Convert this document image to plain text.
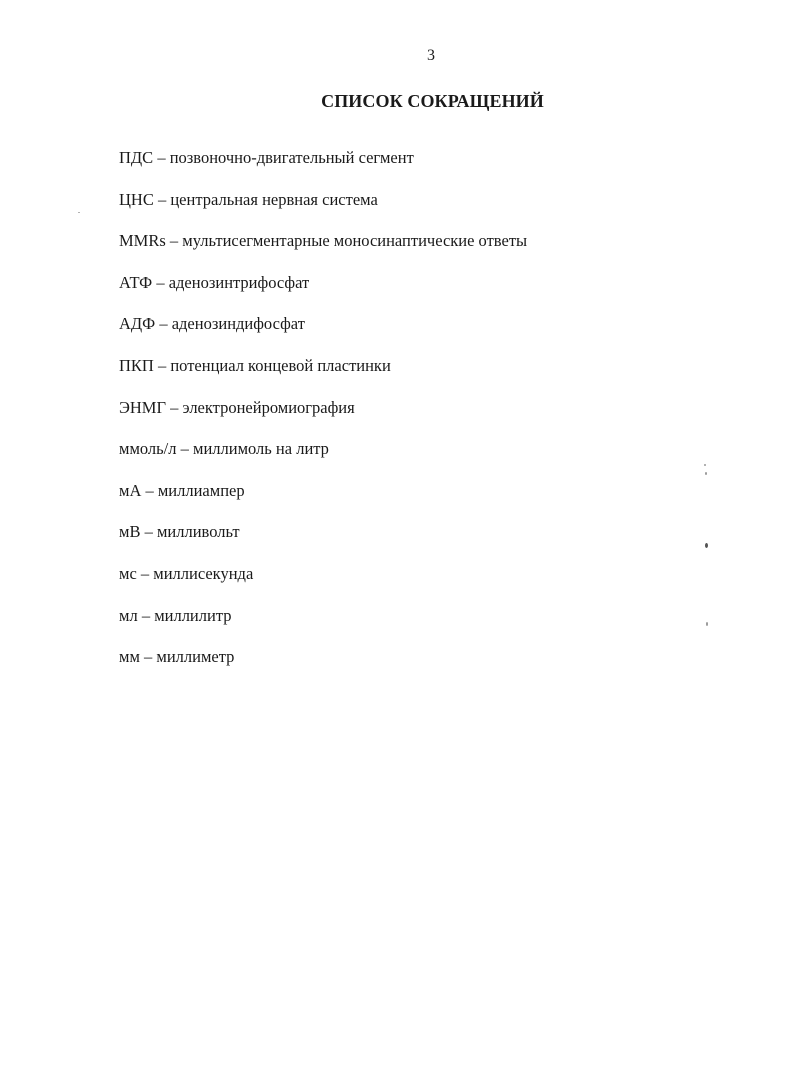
3
СПИСОК СОКРАЩЕНИЙ
ПДС – позвоночно-двигательный сегмент
ЦНС – центральная нервная система
MMRs – мультисегментарные моносинаптические ответы
АТФ – аденозинтрифосфат
АДФ – аденозиндифосфат
ПКП – потенциал концевой пластинки
ЭНМГ – электронейромиография
ммоль/л – миллимоль на литр
мА – миллиампер
мВ – милливольт
мс – миллисекунда
мл – миллилитр
мм – миллиметр
